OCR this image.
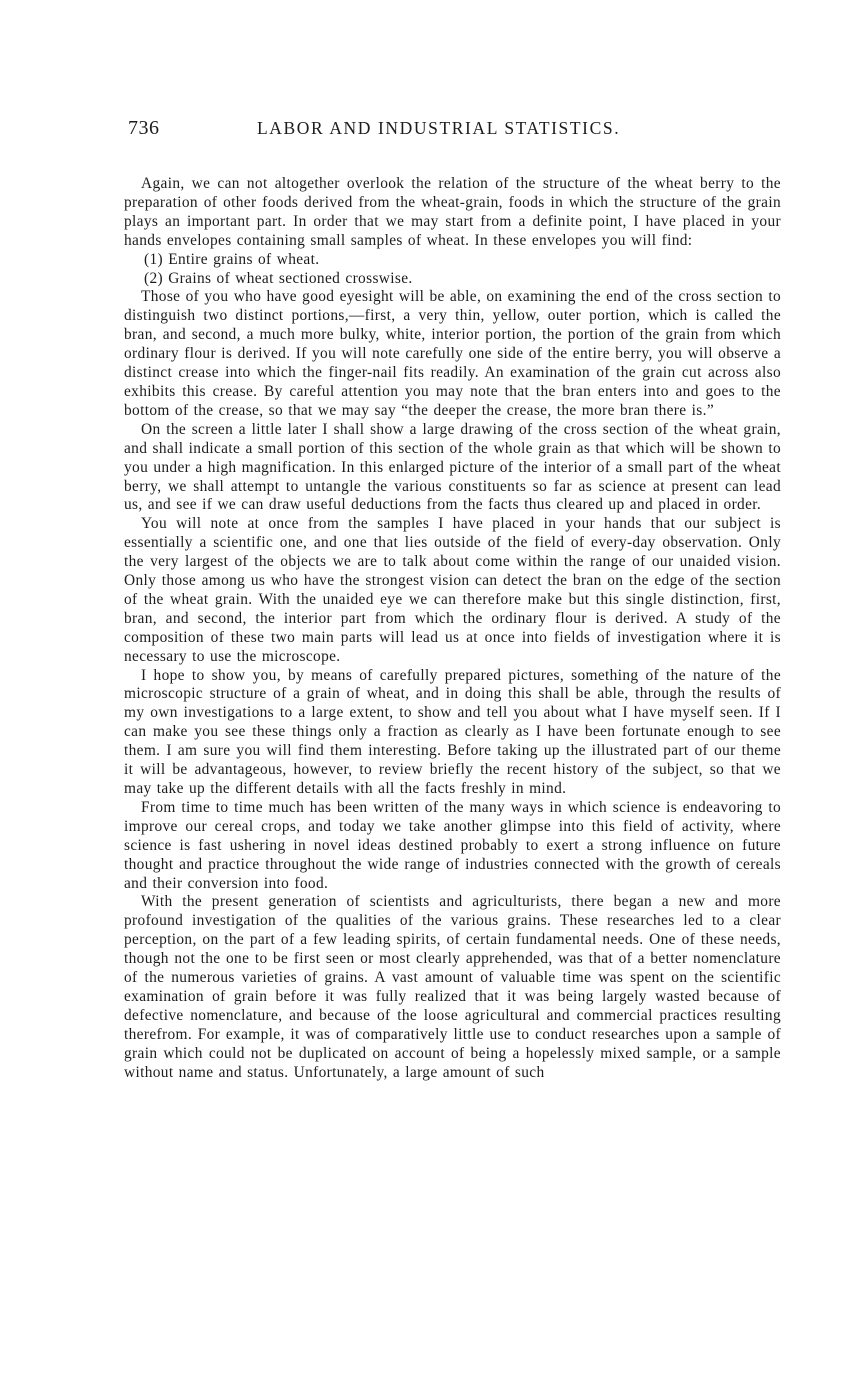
736	LABOR AND INDUSTRIAL STATISTICS.

Again, we can not altogether overlook the relation of the structure of the wheat berry to the preparation of other foods derived from the wheat-grain, foods in which the structure of the grain plays an important part. In order that we may start from a definite point, I have placed in your hands envelopes containing small samples of wheat. In these envelopes you will find:

(1) Entire grains of wheat.

(2) Grains of wheat sectioned crosswise.

Those of you who have good eyesight will be able, on examining the end of the cross section to distinguish two distinct portions,—first, a very thin, yellow, outer portion, which is called the bran, and second, a much more bulky, white, interior portion, the portion of the grain from which ordinary flour is derived. If you will note carefully one side of the entire berry, you will observe a distinct crease into which the finger-nail fits readily. An examination of the grain cut across also exhibits this crease. By careful attention you may note that the bran enters into and goes to the bottom of the crease, so that we may say “the deeper the crease, the more bran there is.”

On the screen a little later I shall show a large drawing of the cross section of the wheat grain, and shall indicate a small portion of this section of the whole grain as that which will be shown to you under a high magnification. In this enlarged picture of the interior of a small part of the wheat berry, we shall attempt to untangle the various constituents so far as science at present can lead us, and see if we can draw useful deductions from the facts thus cleared up and placed in order.

You will note at once from the samples I have placed in your hands that our subject is essentially a scientific one, and one that lies outside of the field of every-day observation. Only the very largest of the objects we are to talk about come within the range of our unaided vision. Only those among us who have the strongest vision can detect the bran on the edge of the section of the wheat grain. With the unaided eye we can therefore make but this single distinction, first, bran, and second, the interior part from which the ordinary flour is derived. A study of the composition of these two main parts will lead us at once into fields of investigation where it is necessary to use the microscope.

I hope to show you, by means of carefully prepared pictures, something of the nature of the microscopic structure of a grain of wheat, and in doing this shall be able, through the results of my own investigations to a large extent, to show and tell you about what I have myself seen. If I can make you see these things only a fraction as clearly as I have been fortunate enough to see them. I am sure you will find them interesting. Before taking up the illustrated part of our theme it will be advantageous, however, to review briefly the recent history of the subject, so that we may take up the different details with all the facts freshly in mind.

From time to time much has been written of the many ways in which science is endeavoring to improve our cereal crops, and today we take another glimpse into this field of activity, where science is fast ushering in novel ideas destined probably to exert a strong influence on future thought and practice throughout the wide range of industries connected with the growth of cereals and their conversion into food.

With the present generation of scientists and agriculturists, there began a new and more profound investigation of the qualities of the various grains. These researches led to a clear perception, on the part of a few leading spirits, of certain fundamental needs. One of these needs, though not the one to be first seen or most clearly apprehended, was that of a better nomenclature of the numerous varieties of grains. A vast amount of valuable time was spent on the scientific examination of grain before it was fully realized that it was being largely wasted because of defective nomenclature, and because of the loose agricultural and commercial practices resulting therefrom. For example, it was of comparatively little use to conduct researches upon a sample of grain which could not be duplicated on account of being a hopelessly mixed sample, or a sample without name and status. Unfortunately, a large amount of such
